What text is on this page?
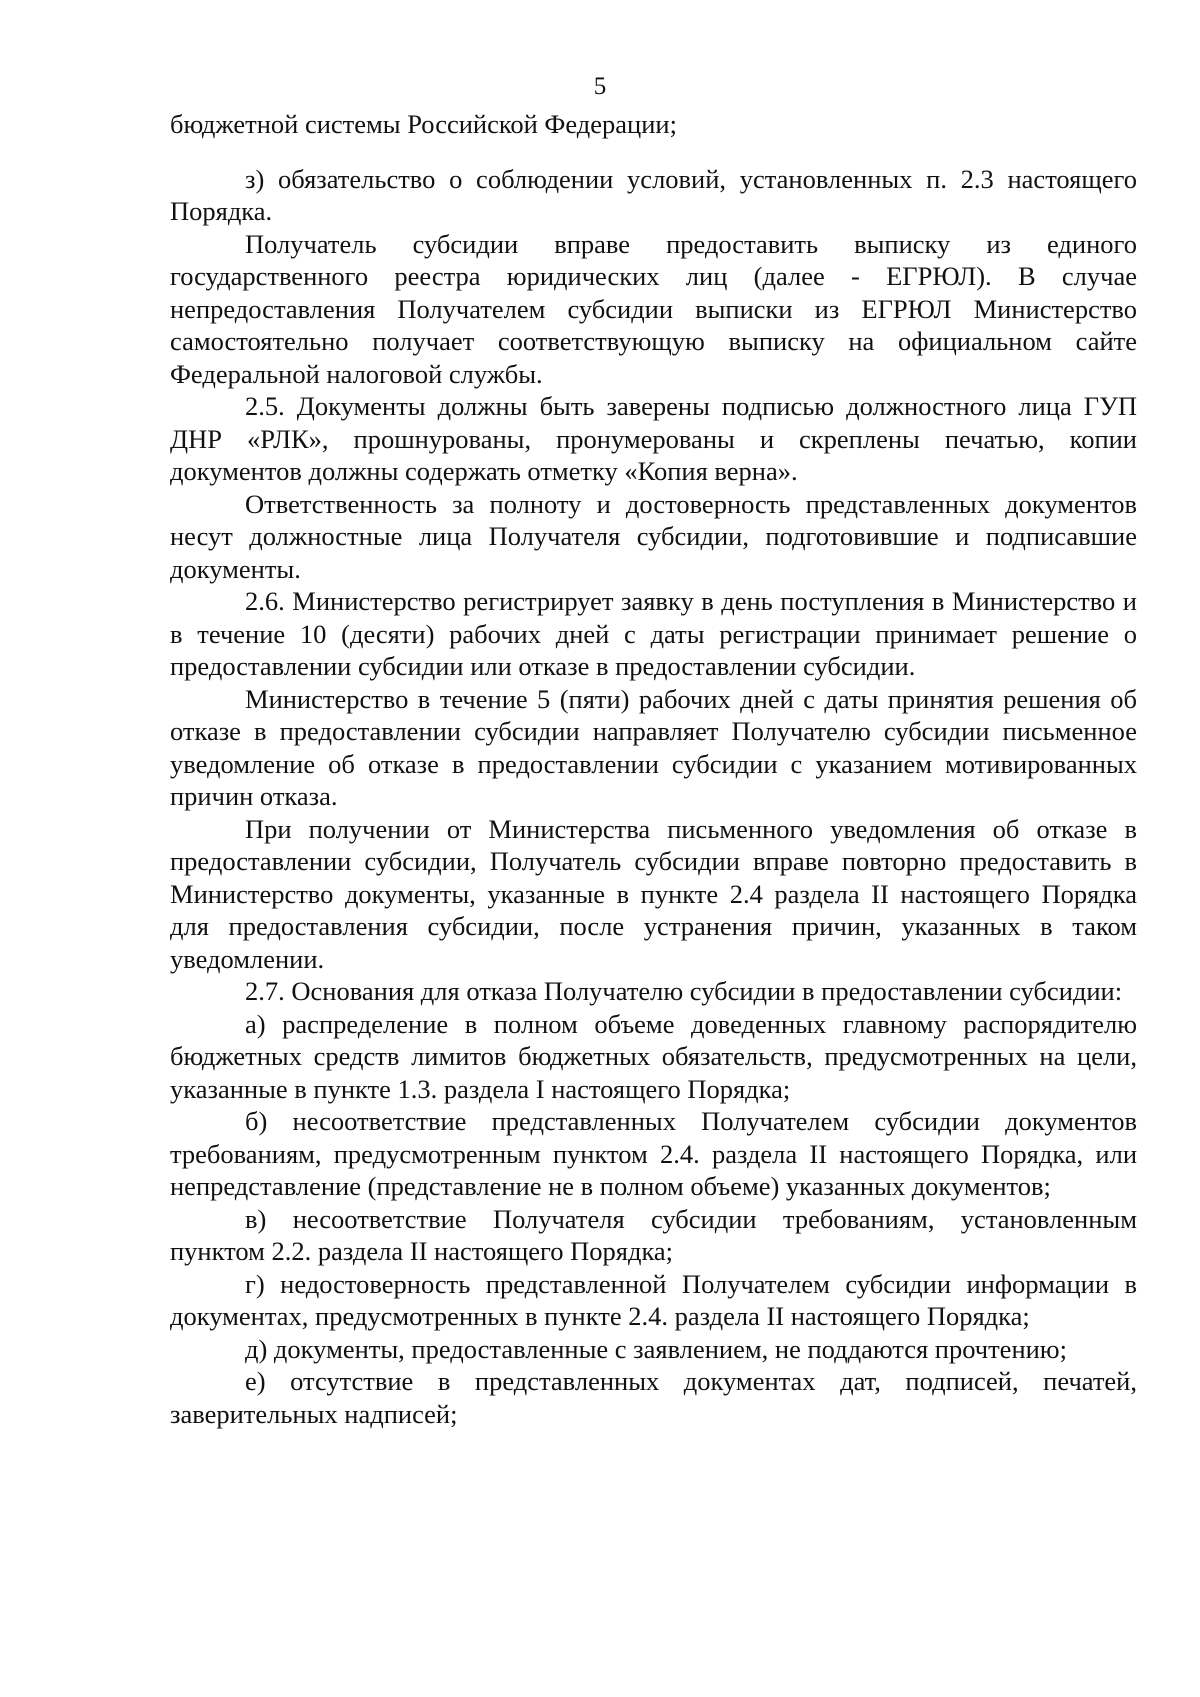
5

бюджетной системы Российской Федерации;

з) обязательство о соблюдении условий, установленных п. 2.3 настоящего Порядка.

Получатель субсидии вправе предоставить выписку из единого государственного реестра юридических лиц (далее - ЕГРЮЛ). В случае непредоставления Получателем субсидии выписки из ЕГРЮЛ Министерство самостоятельно получает соответствующую выписку на официальном сайте Федеральной налоговой службы.

2.5. Документы должны быть заверены подписью должностного лица ГУП ДНР «РЛК», прошнурованы, пронумерованы и скреплены печатью, копии документов должны содержать отметку «Копия верна».

Ответственность за полноту и достоверность представленных документов несут должностные лица Получателя субсидии, подготовившие и подписавшие документы.

2.6. Министерство регистрирует заявку в день поступления в Министерство и в течение 10 (десяти) рабочих дней с даты регистрации принимает решение о предоставлении субсидии или отказе в предоставлении субсидии.

Министерство в течение 5 (пяти) рабочих дней с даты принятия решения об отказе в предоставлении субсидии направляет Получателю субсидии письменное уведомление об отказе в предоставлении субсидии с указанием мотивированных причин отказа.

При получении от Министерства письменного уведомления об отказе в предоставлении субсидии, Получатель субсидии вправе повторно предоставить в Министерство документы, указанные в пункте 2.4 раздела II настоящего Порядка для предоставления субсидии, после устранения причин, указанных в таком уведомлении.

2.7. Основания для отказа Получателю субсидии в предоставлении субсидии:

а) распределение в полном объеме доведенных главному распорядителю бюджетных средств лимитов бюджетных обязательств, предусмотренных на цели, указанные в пункте 1.3. раздела I настоящего Порядка;

б) несоответствие представленных Получателем субсидии документов требованиям, предусмотренным пунктом 2.4. раздела II настоящего Порядка, или непредставление (представление не в полном объеме) указанных документов;

в) несоответствие Получателя субсидии требованиям, установленным пунктом 2.2. раздела II настоящего Порядка;

г) недостоверность представленной Получателем субсидии информации в документах, предусмотренных в пункте 2.4. раздела II настоящего Порядка;

д) документы, предоставленные с заявлением, не поддаются прочтению;

е) отсутствие в представленных документах дат, подписей, печатей, заверительных надписей;
